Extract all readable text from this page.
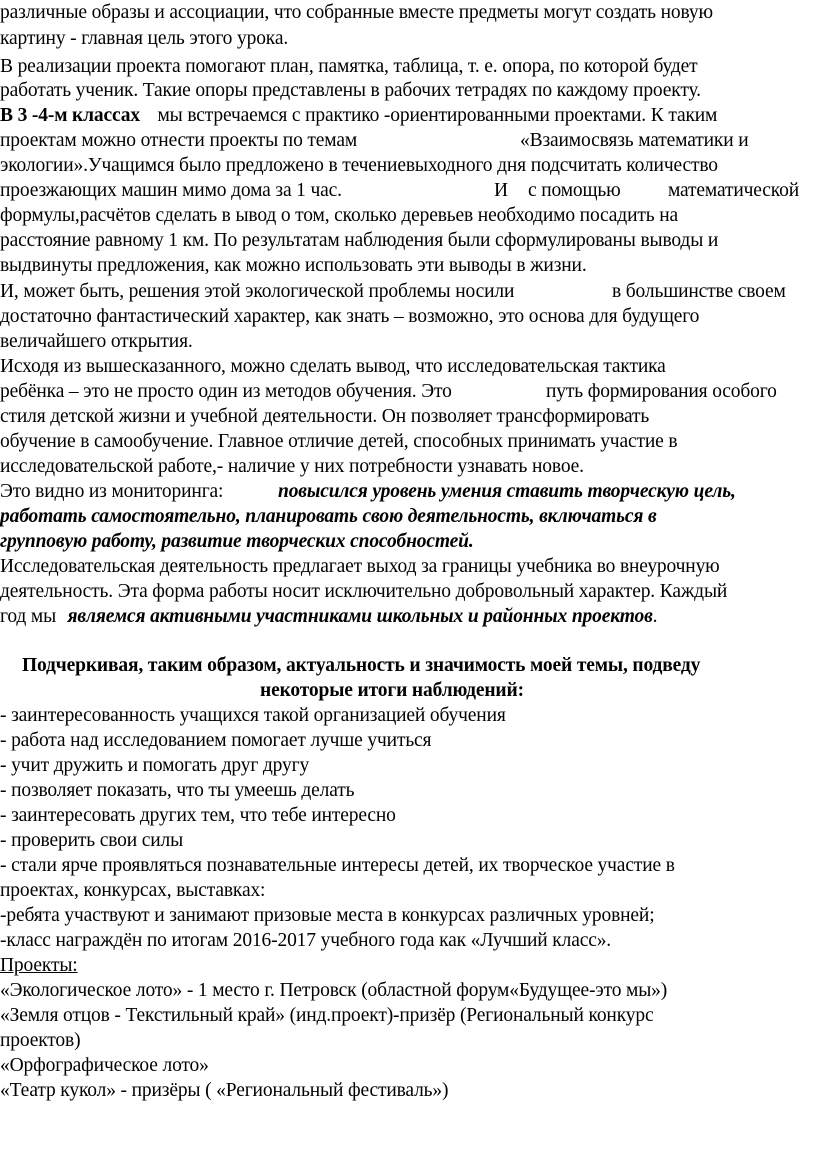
различные образы и ассоциации, что собранные вместе предметы могут создать новую
картину - главная цель этого урока.
В реализации проекта помогают план, памятка, таблица, т. е. опора, по которой будет
работать ученик. Такие опоры представлены в рабочих тетрадях по каждому проекту.
В 3 -4-м классах мы встречаемся с практико -ориентированными проектами. К таким
проектам можно отнести проекты по темам	«Взаимосвязь математики и
экологии».Учащимся было предложено в течениевыходного дня подсчитать количество
проезжающих машин мимо дома за 1 час.	И с помощью математической
формулы,расчётов сделать в ывод о том, сколько деревьев необходимо посадить на
расстояние равному 1 км. По результатам наблюдения были сформулированы выводы и
выдвинуты предложения, как можно использовать эти выводы в жизни.
И, может быть, решения этой экологической проблемы носили	в большинстве своем
достаточно фантастический характер, как знать – возможно, это основа для будущего
величайшего открытия.
Исходя из вышесказанного, можно сделать вывод, что исследовательская тактика
ребёнка – это не просто один из методов обучения. Это	путь формирования особого
стиля детской жизни и учебной деятельности. Он позволяет трансформировать
обучение в самообучение. Главное отличие детей, способных принимать участие в
исследовательской работе,- наличие у них потребности узнавать новое.
Это видно из мониторинга:	повысился уровень умения ставить творческую цель,
работать самостоятельно, планировать свою деятельность, включаться в
групповую работу, развитие творческих способностей.
Исследовательская деятельность предлагает выход за границы учебника во внеурочную
деятельность. Эта форма работы носит исключительно добровольный характер. Каждый
год мы являемся активными участниками школьных и районных проектов.
Подчеркивая, таким образом, актуальность и значимость моей темы, подведу
некоторые итоги наблюдений:
- заинтересованность учащихся такой организацией обучения
- работа над исследованием помогает лучше учиться
- учит дружить и помогать друг другу
- позволяет показать, что ты умеешь делать
- заинтересовать других тем, что тебе интересно
- проверить свои силы
- стали ярче проявляться познавательные интересы детей, их творческое участие в
проектах, конкурсах, выставках:
-ребята участвуют и занимают призовые места в конкурсах различных уровней;
-класс награждён по итогам 2016-2017 учебного года как «Лучший класс».
Проекты:
«Экологическое лото» - 1 место г. Петровск (областной форум«Будущее-это мы»)
«Земля отцов - Текстильный край» (инд.проект)-призёр (Региональный конкурс
проектов)
«Орфографическое лото»
«Театр кукол» - призёры ( «Региональный фестиваль»)
